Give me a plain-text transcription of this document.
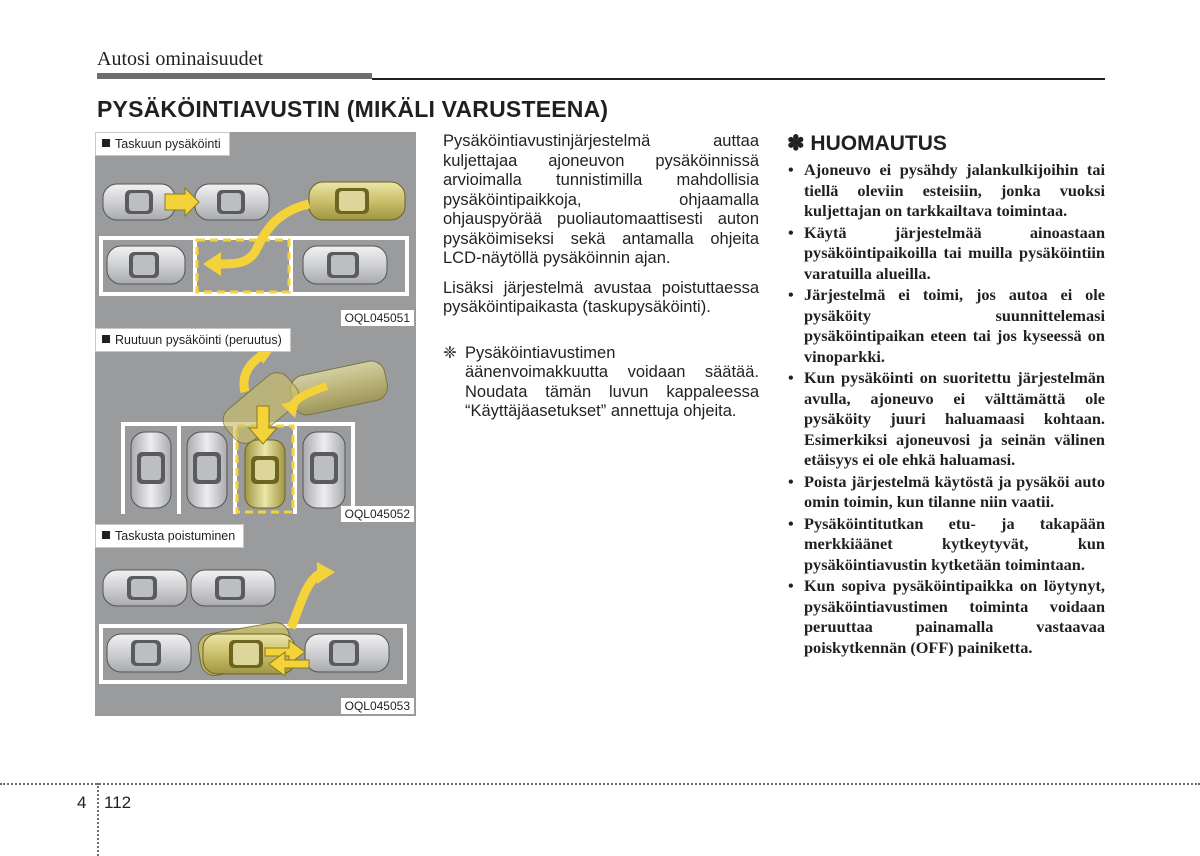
Autosi ominaisuudet
PYSÄKÖINTIAVUSTIN (MIKÄLI VARUSTEENA)
Taskuun pysäköinti
OQL045051
Ruutuun pysäköinti (peruutus)
OQL045052
Taskusta poistuminen
OQL045053

Pysäköintiavustinjärjestelmä auttaa kuljettajaa ajoneuvon pysäköinnissä arvioimalla tunnistimilla mahdollisia pysäköintipaikkoja, ohjaamalla ohjauspyörää puoliautomaattisesti auton pysäköimiseksi sekä antamalla ohjeita LCD-näytöllä pysäköinnin ajan.

Lisäksi järjestelmä avustaa poistuttaessa pysäköintipaikasta (taskupysäköinti).

❈ Pysäköintiavustimen äänenvoimakkuutta voidaan säätää. Noudata tämän luvun kappaleessa “Käyttäjäasetukset” annettuja ohjeita.
✽ HUOMAUTUS
• Ajoneuvo ei pysähdy jalankulkijoihin tai tiellä oleviin esteisiin, jonka vuoksi kuljettajan on tarkkailtava toimintaa.
• Käytä järjestelmää ainoastaan pysäköintipaikoilla tai muilla pysäköintiin varatuilla alueilla.
• Järjestelmä ei toimi, jos autoa ei ole pysäköity suunnittelemasi pysäköintipaikan eteen tai jos kyseessä on vinoparkki.
• Kun pysäköinti on suoritettu järjestelmän avulla, ajoneuvo ei välttämättä ole pysäköity juuri haluamaasi kohtaan. Esimerkiksi ajoneuvosi ja seinän välinen etäisyys ei ole ehkä haluamasi.
• Poista järjestelmä käytöstä ja pysäköi auto omin toimin, kun tilanne niin vaatii.
• Pysäköintitutkan etu- ja takapään merkkiäänet kytkeytyvät, kun pysäköintiavustin kytketään toimintaan.
• Kun sopiva pysäköintipaikka on löytynyt, pysäköintiavustimen toiminta voidaan peruuttaa painamalla vastaavaa poiskytkennän (OFF) painiketta.
4 112
